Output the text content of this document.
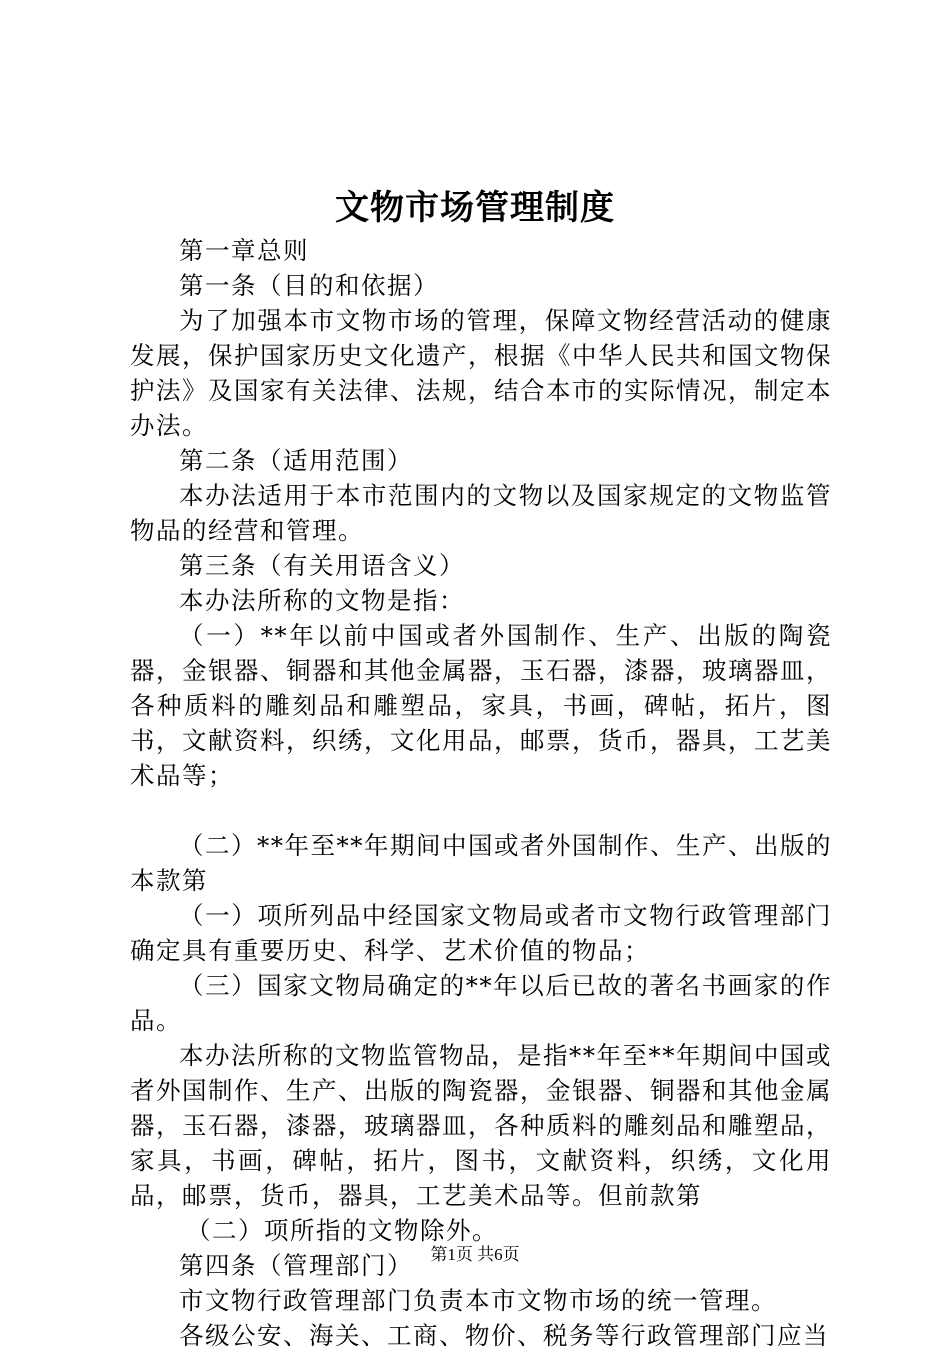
文物市场管理制度

第一章总则

第一条（目的和依据）

为了加强本市文物市场的管理，保障文物经营活动的健康发展，保护国家历史文化遗产，根据《中华人民共和国文物保护法》及国家有关法律、法规，结合本市的实际情况，制定本办法。

第二条（适用范围）

本办法适用于本市范围内的文物以及国家规定的文物监管物品的经营和管理。

第三条（有关用语含义）

本办法所称的文物是指：

（一）**年以前中国或者外国制作、生产、出版的陶瓷器，金银器、铜器和其他金属器，玉石器，漆器，玻璃器皿，各种质料的雕刻品和雕塑品，家具，书画，碑帖，拓片，图书，文献资料，织绣，文化用品，邮票，货币，器具，工艺美术品等；

（二）**年至**年期间中国或者外国制作、生产、出版的本款第

（一）项所列品中经国家文物局或者市文物行政管理部门确定具有重要历史、科学、艺术价值的物品；

（三）国家文物局确定的**年以后已故的著名书画家的作品。

本办法所称的文物监管物品，是指**年至**年期间中国或者外国制作、生产、出版的陶瓷器，金银器、铜器和其他金属器，玉石器，漆器，玻璃器皿，各种质料的雕刻品和雕塑品，家具，书画，碑帖，拓片，图书，文献资料，织绣，文化用品，邮票，货币，器具，工艺美术品等。但前款第

（二）项所指的文物除外。

第四条（管理部门）

市文物行政管理部门负责本市文物市场的统一管理。

各级公安、海关、工商、物价、税务等行政管理部门应当

第1页 共6页
